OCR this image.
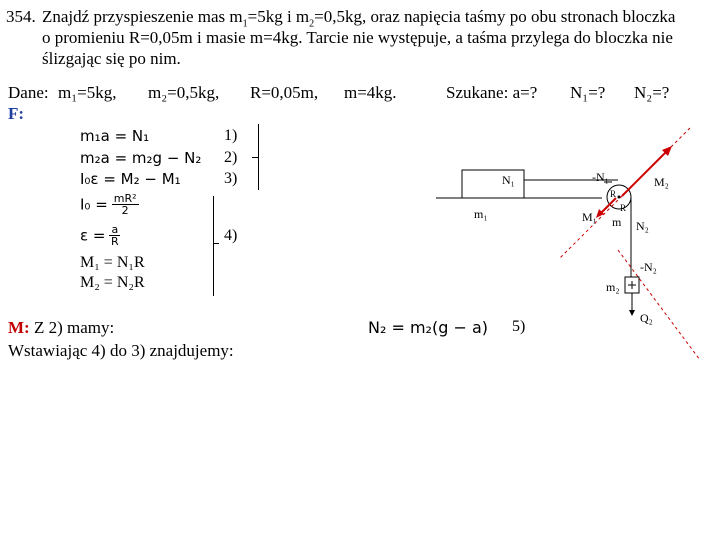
354. Znajdź przyspieszenie mas $m_1=5kg$ i $m_2=0,5kg$, oraz napięcia taśmy po obu stronach bloczka
o promieniu R=0,05m i masie m=4kg. Tarcie nie występuje, a taśma przylega do bloczka nie
ślizgając się po nim.
Dane: m₁=5kg, m₂=0,5kg, R=0,05m, m=4kg.	Szukane: a=? N₁=? N₂=?
F:
m₁a = N₁
m₂a = m₂g − N₂
I₀ε = M₂ − M₁
1)
2)
3)
$I_0 = \frac{\text{mR²}}{2}$
$\varepsilon = \frac{a}{R}$	4)
M₁ = N₁R
M₂ = N₂R
M: Z 2) mamy:	N₂ = m₂(g − a) 5)
Wstawiając 4) do 3) znajdujemy:
N₁	-N₁
m₁	M₁
M₂
R
R
m N₂
-N₂
m₂
Q₂
